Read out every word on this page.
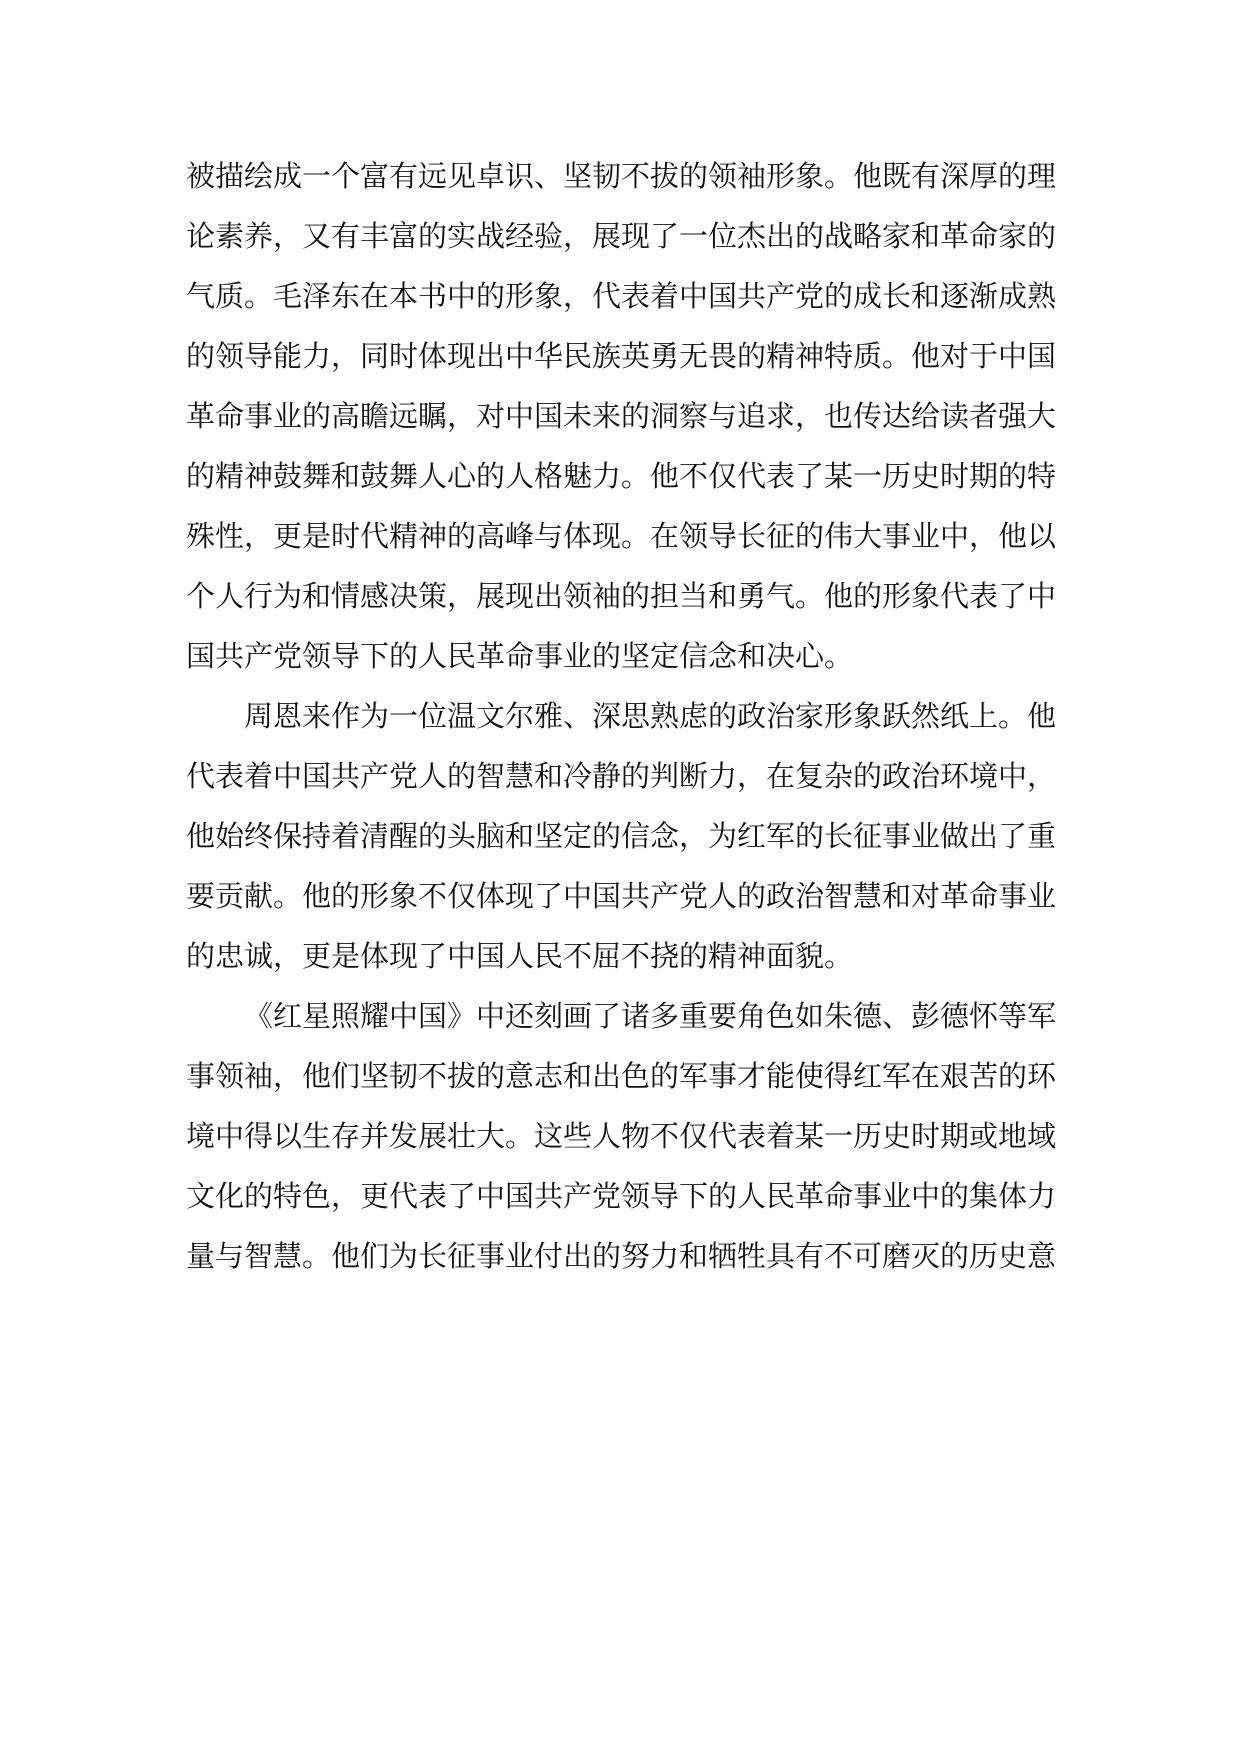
被描绘成一个富有远见卓识、坚韧不拔的领袖形象。他既有深厚的理
论素养，又有丰富的实战经验，展现了一位杰出的战略家和革命家的
气质。毛泽东在本书中的形象，代表着中国共产党的成长和逐渐成熟
的领导能力，同时体现出中华民族英勇无畏的精神特质。他对于中国
革命事业的高瞻远瞩，对中国未来的洞察与追求，也传达给读者强大
的精神鼓舞和鼓舞人心的人格魅力。他不仅代表了某一历史时期的特
殊性，更是时代精神的高峰与体现。在领导长征的伟大事业中，他以
个人行为和情感决策，展现出领袖的担当和勇气。他的形象代表了中
国共产党领导下的人民革命事业的坚定信念和决心。
周恩来作为一位温文尔雅、深思熟虑的政治家形象跃然纸上。他
代表着中国共产党人的智慧和冷静的判断力，在复杂的政治环境中，
他始终保持着清醒的头脑和坚定的信念，为红军的长征事业做出了重
要贡献。他的形象不仅体现了中国共产党人的政治智慧和对革命事业
的忠诚，更是体现了中国人民不屈不挠的精神面貌。
《红星照耀中国》中还刻画了诸多重要角色如朱德、彭德怀等军
事领袖，他们坚韧不拔的意志和出色的军事才能使得红军在艰苦的环
境中得以生存并发展壮大。这些人物不仅代表着某一历史时期或地域
文化的特色，更代表了中国共产党领导下的人民革命事业中的集体力
量与智慧。他们为长征事业付出的努力和牺牲具有不可磨灭的历史意
